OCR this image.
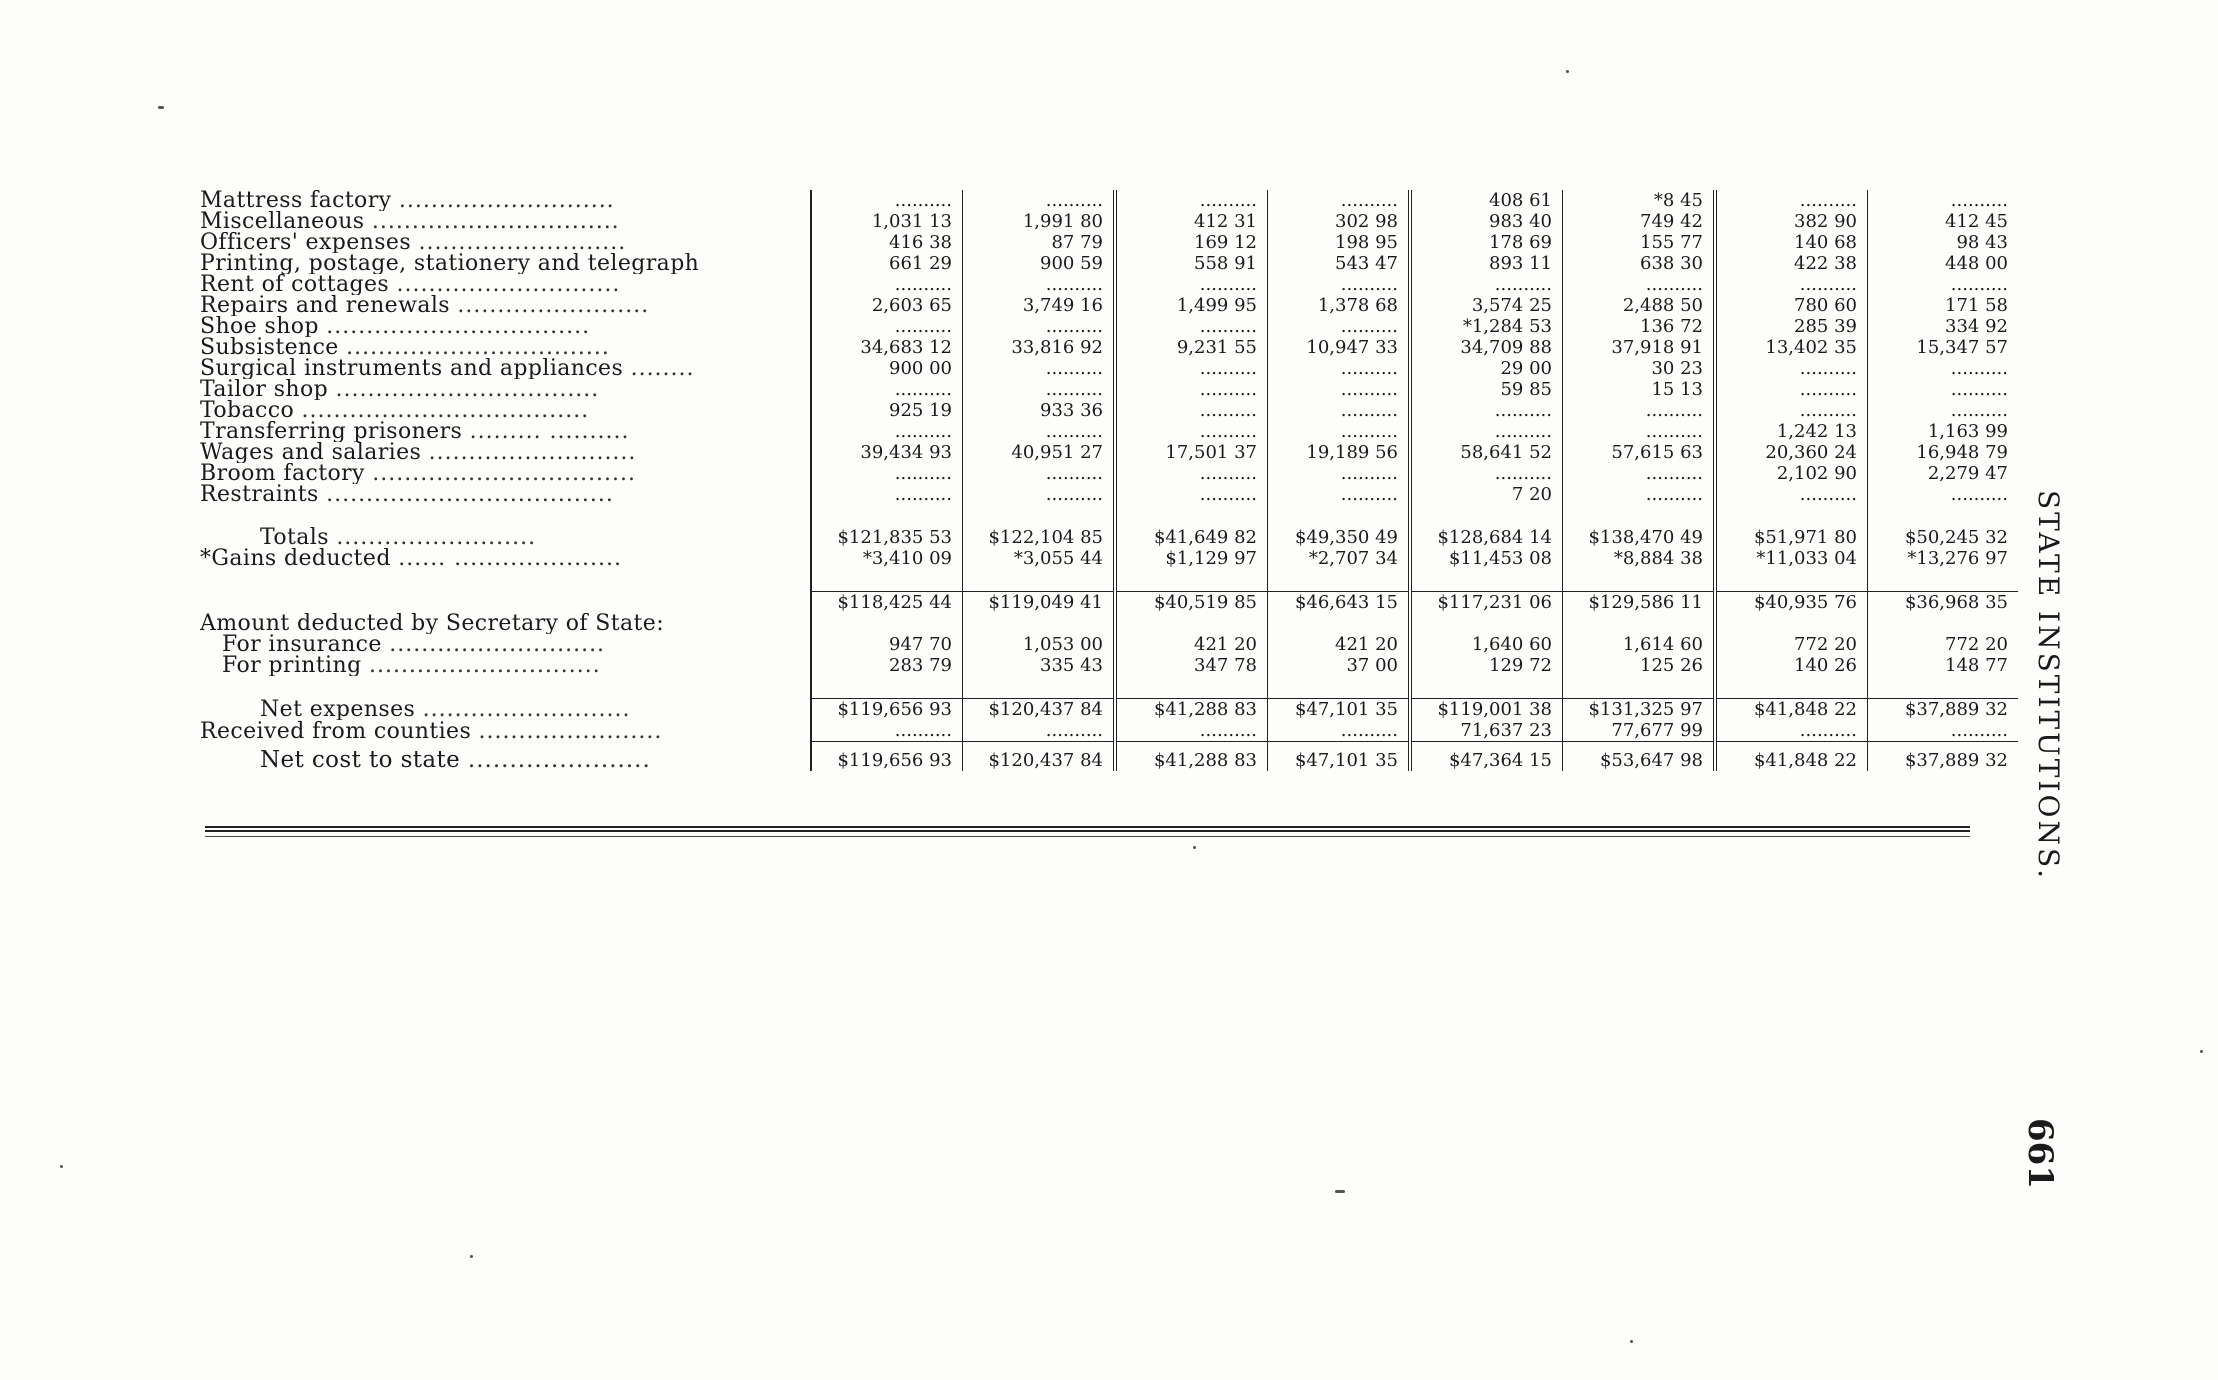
Mattress factory ...........................	..........	..........	..........	..........	408 61	*8 45	..........	..........
Miscellaneous ...............................	1,031 13	1,991 80	412 31	302 98	983 40	749 42	382 90	412 45
Officers' expenses ..........................	416 38	87 79	169 12	198 95	178 69	155 77	140 68	98 43
Printing, postage, stationery and telegraph	661 29	900 59	558 91	543 47	893 11	638 30	422 38	448 00
Rent of cottages ............................	..........	..........	..........	..........	..........	..........	..........	..........
Repairs and renewals ........................	2,603 65	3,749 16	1,499 95	1,378 68	3,574 25	2,488 50	780 60	171 58
Shoe shop .................................	..........	..........	..........	..........	*1,284 53	136 72	285 39	334 92
Subsistence .................................	34,683 12	33,816 92	9,231 55	10,947 33	34,709 88	37,918 91	13,402 35	15,347 57
Surgical instruments and appliances ........	900 00	..........	..........	..........	29 00	30 23	..........	..........
Tailor shop .................................	..........	..........	..........	..........	59 85	15 13	..........	..........
Tobacco ....................................	925 19	933 36	..........	..........	..........	..........	..........	..........
Transferring prisoners ......... ..........	..........	..........	..........	..........	..........	..........	1,242 13	1,163 99
Wages and salaries ..........................	39,434 93	40,951 27	17,501 37	19,189 56	58,641 52	57,615 63	20,360 24	16,948 79
Broom factory .................................	..........	..........	..........	..........	..........	..........	2,102 90	2,279 47
Restraints ....................................	..........	..........	..........	..........	7 20	..........	..........	..........

Totals .........................	$121,835 53	$122,104 85	$41,649 82	$49,350 49	$128,684 14	$138,470 49	$51,971 80	$50,245 32
*Gains deducted ...... .....................	*3,410 09	*3,055 44	$1,129 97	*2,707 34	$11,453 08	*8,884 38	*11,033 04	*13,276 97

	$118,425 44	$119,049 41	$40,519 85	$46,643 15	$117,231 06	$129,586 11	$40,935 76	$36,968 35
Amount deducted by Secretary of State:								
For insurance ...........................	947 70	1,053 00	421 20	421 20	1,640 60	1,614 60	772 20	772 20
For printing .............................	283 79	335 43	347 78	37 00	129 72	125 26	140 26	148 77

Net expenses ..........................	$119,656 93	$120,437 84	$41,288 83	$47,101 35	$119,001 38	$131,325 97	$41,848 22	$37,889 32
Received from counties .......................	..........	..........	..........	..........	71,637 23	77,677 99	..........	..........
Net cost to state ......................	$119,656 93	$120,437 84	$41,288 83	$47,101 35	$47,364 15	$53,647 98	$41,848 22	$37,889 32 STATE INSTITUTIONS.
661
